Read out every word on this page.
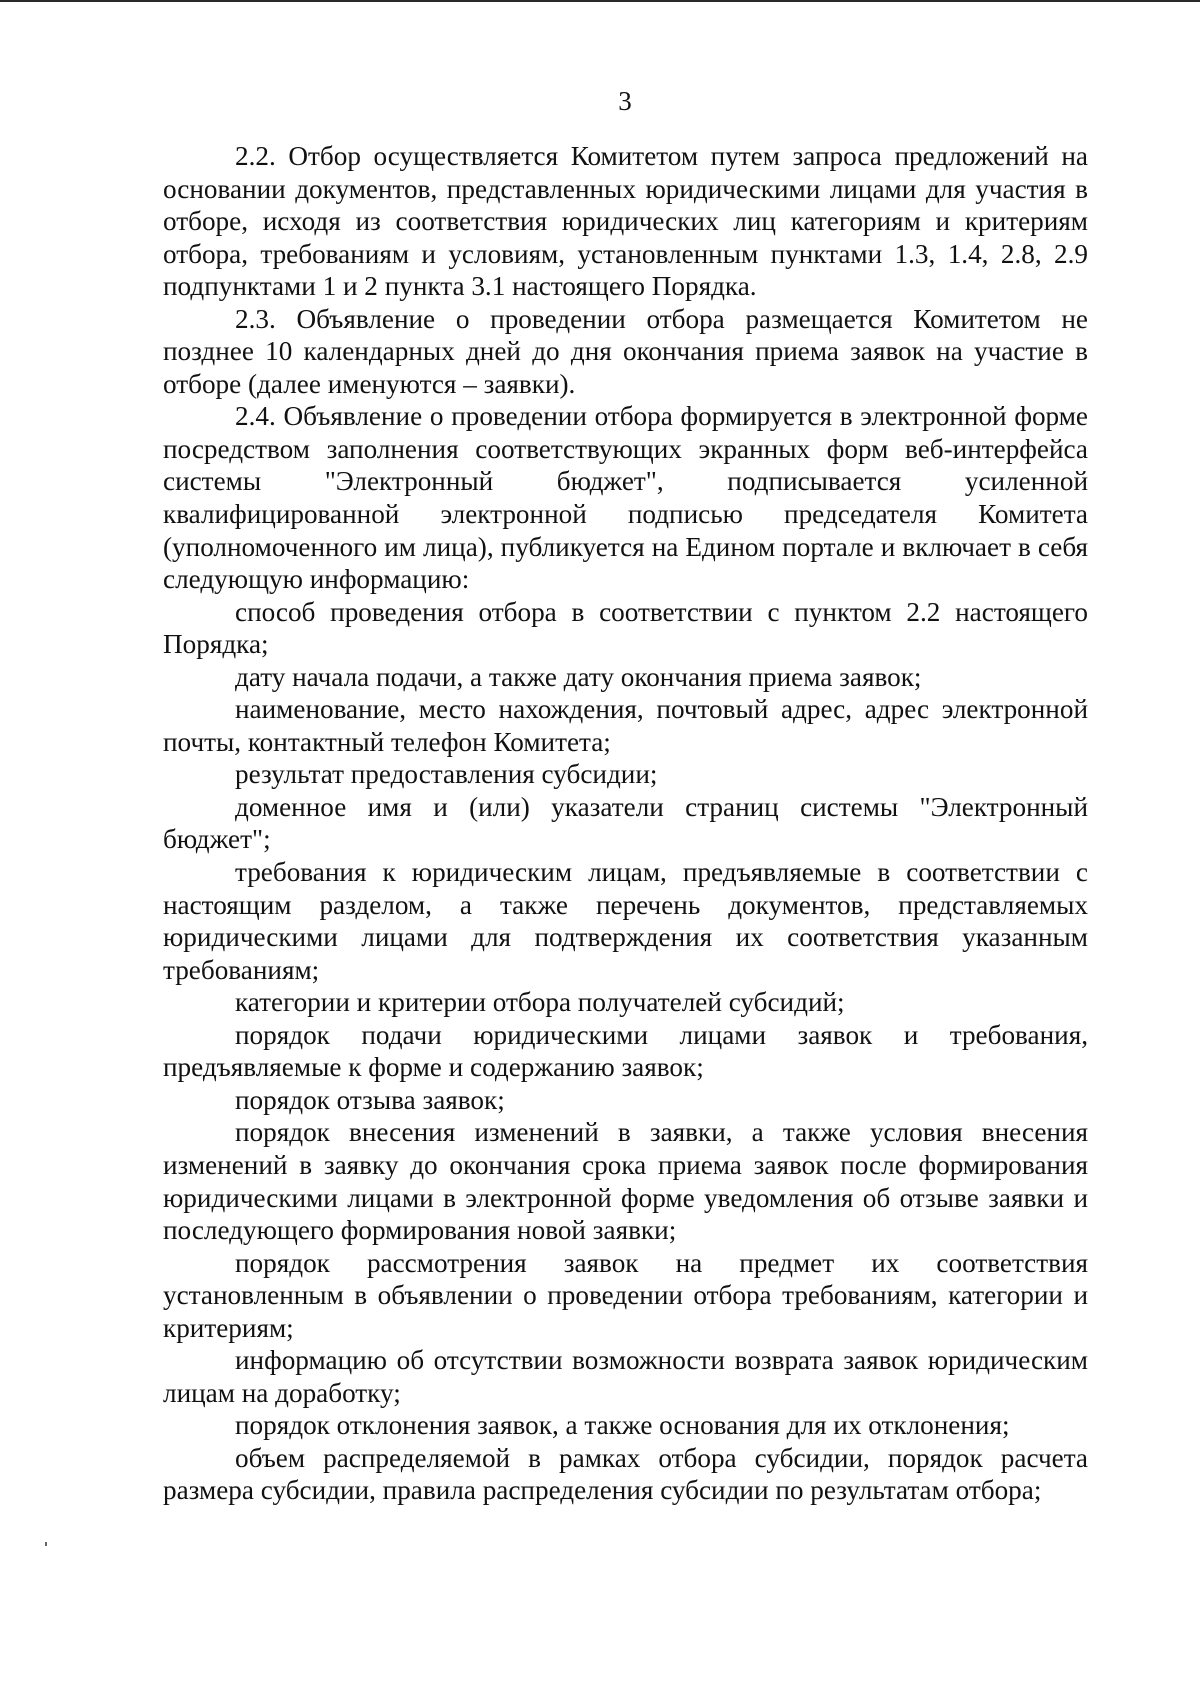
3

2.2. Отбор осуществляется Комитетом путем запроса предложений на основании документов, представленных юридическими лицами для участия в отборе, исходя из соответствия юридических лиц категориям и критериям отбора, требованиям и условиям, установленным пунктами 1.3, 1.4, 2.8, 2.9 подпунктами 1 и 2 пункта 3.1 настоящего Порядка.

2.3. Объявление о проведении отбора размещается Комитетом не позднее 10 календарных дней до дня окончания приема заявок на участие в отборе (далее именуются – заявки).

2.4. Объявление о проведении отбора формируется в электронной форме посредством заполнения соответствующих экранных форм веб-интерфейса системы "Электронный бюджет", подписывается усиленной квалифицированной электронной подписью председателя Комитета (уполномоченного им лица), публикуется на Едином портале и включает в себя следующую информацию:

способ проведения отбора в соответствии с пунктом 2.2 настоящего Порядка;

дату начала подачи, а также дату окончания приема заявок;

наименование, место нахождения, почтовый адрес, адрес электронной почты, контактный телефон Комитета;

результат предоставления субсидии;

доменное имя и (или) указатели страниц системы "Электронный бюджет";

требования к юридическим лицам, предъявляемые в соответствии с настоящим разделом, а также перечень документов, представляемых юридическими лицами для подтверждения их соответствия указанным требованиям;

категории и критерии отбора получателей субсидий;

порядок подачи юридическими лицами заявок и требования, предъявляемые к форме и содержанию заявок;

порядок отзыва заявок;

порядок внесения изменений в заявки, а также условия внесения изменений в заявку до окончания срока приема заявок после формирования юридическими лицами в электронной форме уведомления об отзыве заявки и последующего формирования новой заявки;

порядок рассмотрения заявок на предмет их соответствия установленным в объявлении о проведении отбора требованиям, категории и критериям;

информацию об отсутствии возможности возврата заявок юридическим лицам на доработку;

порядок отклонения заявок, а также основания для их отклонения;

объем распределяемой в рамках отбора субсидии, порядок расчета размера субсидии, правила распределения субсидии по результатам отбора;
